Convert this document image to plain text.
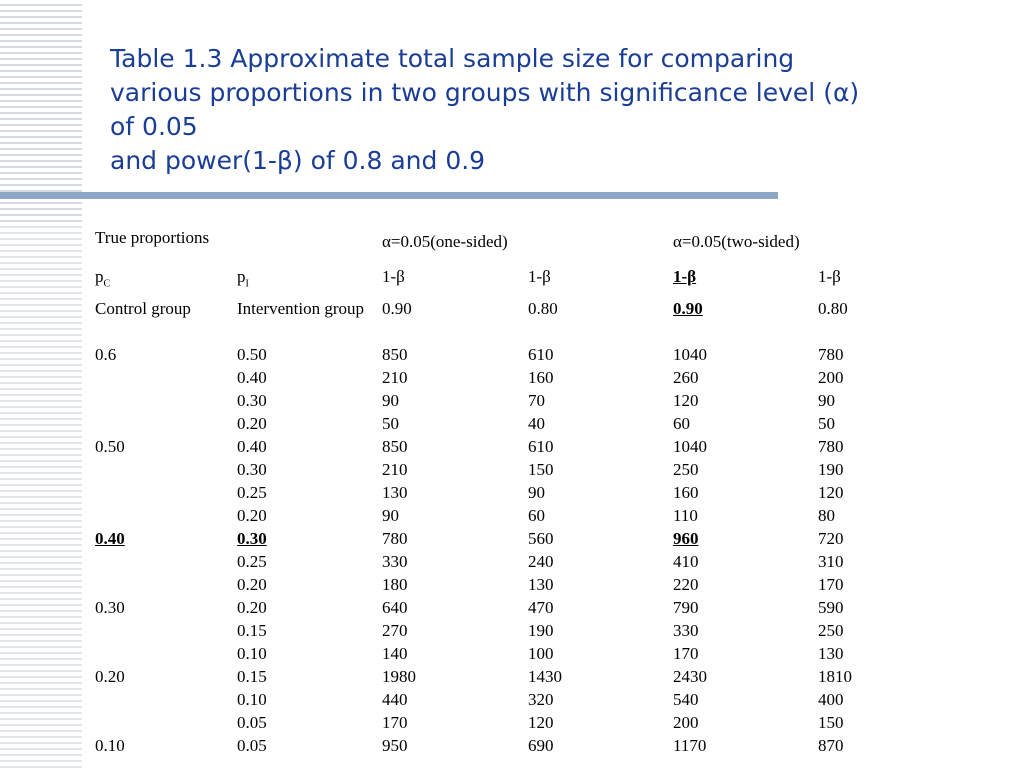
Table 1.3 Approximate total sample size for comparing
various proportions in two groups with significance level (α)
of 0.05
and power(1-β) of 0.8 and 0.9
True proportions		α=0.05(one-sided)		α=0.05(two-sided)	
$p_C$	$p_I$	1-β	1-β	1-β	1-β
Control group	Intervention group	0.90	0.80	0.90	0.80
0.6	0.50	850	610	1040	780
	0.40	210	160	260	200
	0.30	90	70	120	90
	0.20	50	40	60	50
0.50	0.40	850	610	1040	780
	0.30	210	150	250	190
	0.25	130	90	160	120
	0.20	90	60	110	80
0.40	0.30	780	560	960	720
	0.25	330	240	410	310
	0.20	180	130	220	170
0.30	0.20	640	470	790	590
	0.15	270	190	330	250
	0.10	140	100	170	130
0.20	0.15	1980	1430	2430	1810
	0.10	440	320	540	400
	0.05	170	120	200	150
0.10	0.05	950	690	1170	870
